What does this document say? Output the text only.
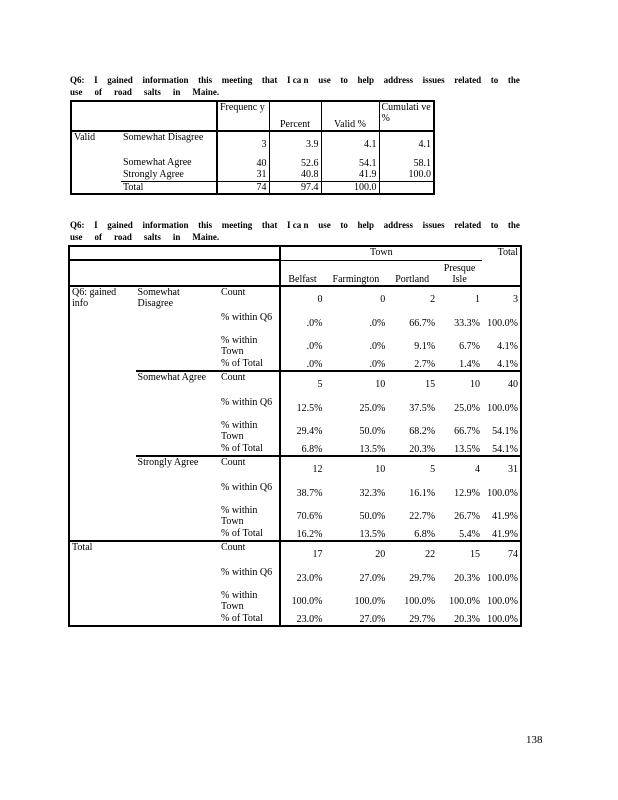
Q6: I gained information this meeting that I ca n use to help address issues related to the
use of road salts in Maine.
		Frequenc y	Percent	Valid %	Cumulati ve %
Valid	Somewhat Disagree	3	3.9	4.1	4.1
	Somewhat Agree	40	52.6	54.1	58.1
	Strongly Agree	31	40.8	41.9	100.0
	Total	74	97.4	100.0	
Q6: I gained information this meeting that I ca n use to help address issues related to the
use of road salts in Maine.
			Town				Total
			Belfast	Farmington	Portland	Presque Isle	
Q6: gained info	Somewhat Disagree	Count	0	0	2	1	3
		% within Q6	.0%	.0%	66.7%	33.3%	100.0%
		% within Town	.0%	.0%	9.1%	6.7%	4.1%
		% of Total	.0%	.0%	2.7%	1.4%	4.1%
	Somewhat Agree	Count	5	10	15	10	40
		% within Q6	12.5%	25.0%	37.5%	25.0%	100.0%
		% within Town	29.4%	50.0%	68.2%	66.7%	54.1%
		% of Total	6.8%	13.5%	20.3%	13.5%	54.1%
	Strongly Agree	Count	12	10	5	4	31
		% within Q6	38.7%	32.3%	16.1%	12.9%	100.0%
		% within Town	70.6%	50.0%	22.7%	26.7%	41.9%
		% of Total	16.2%	13.5%	6.8%	5.4%	41.9%
Total		Count	17	20	22	15	74
		% within Q6	23.0%	27.0%	29.7%	20.3%	100.0%
		% within Town	100.0%	100.0%	100.0%	100.0%	100.0%
		% of Total	23.0%	27.0%	29.7%	20.3%	100.0%
138
